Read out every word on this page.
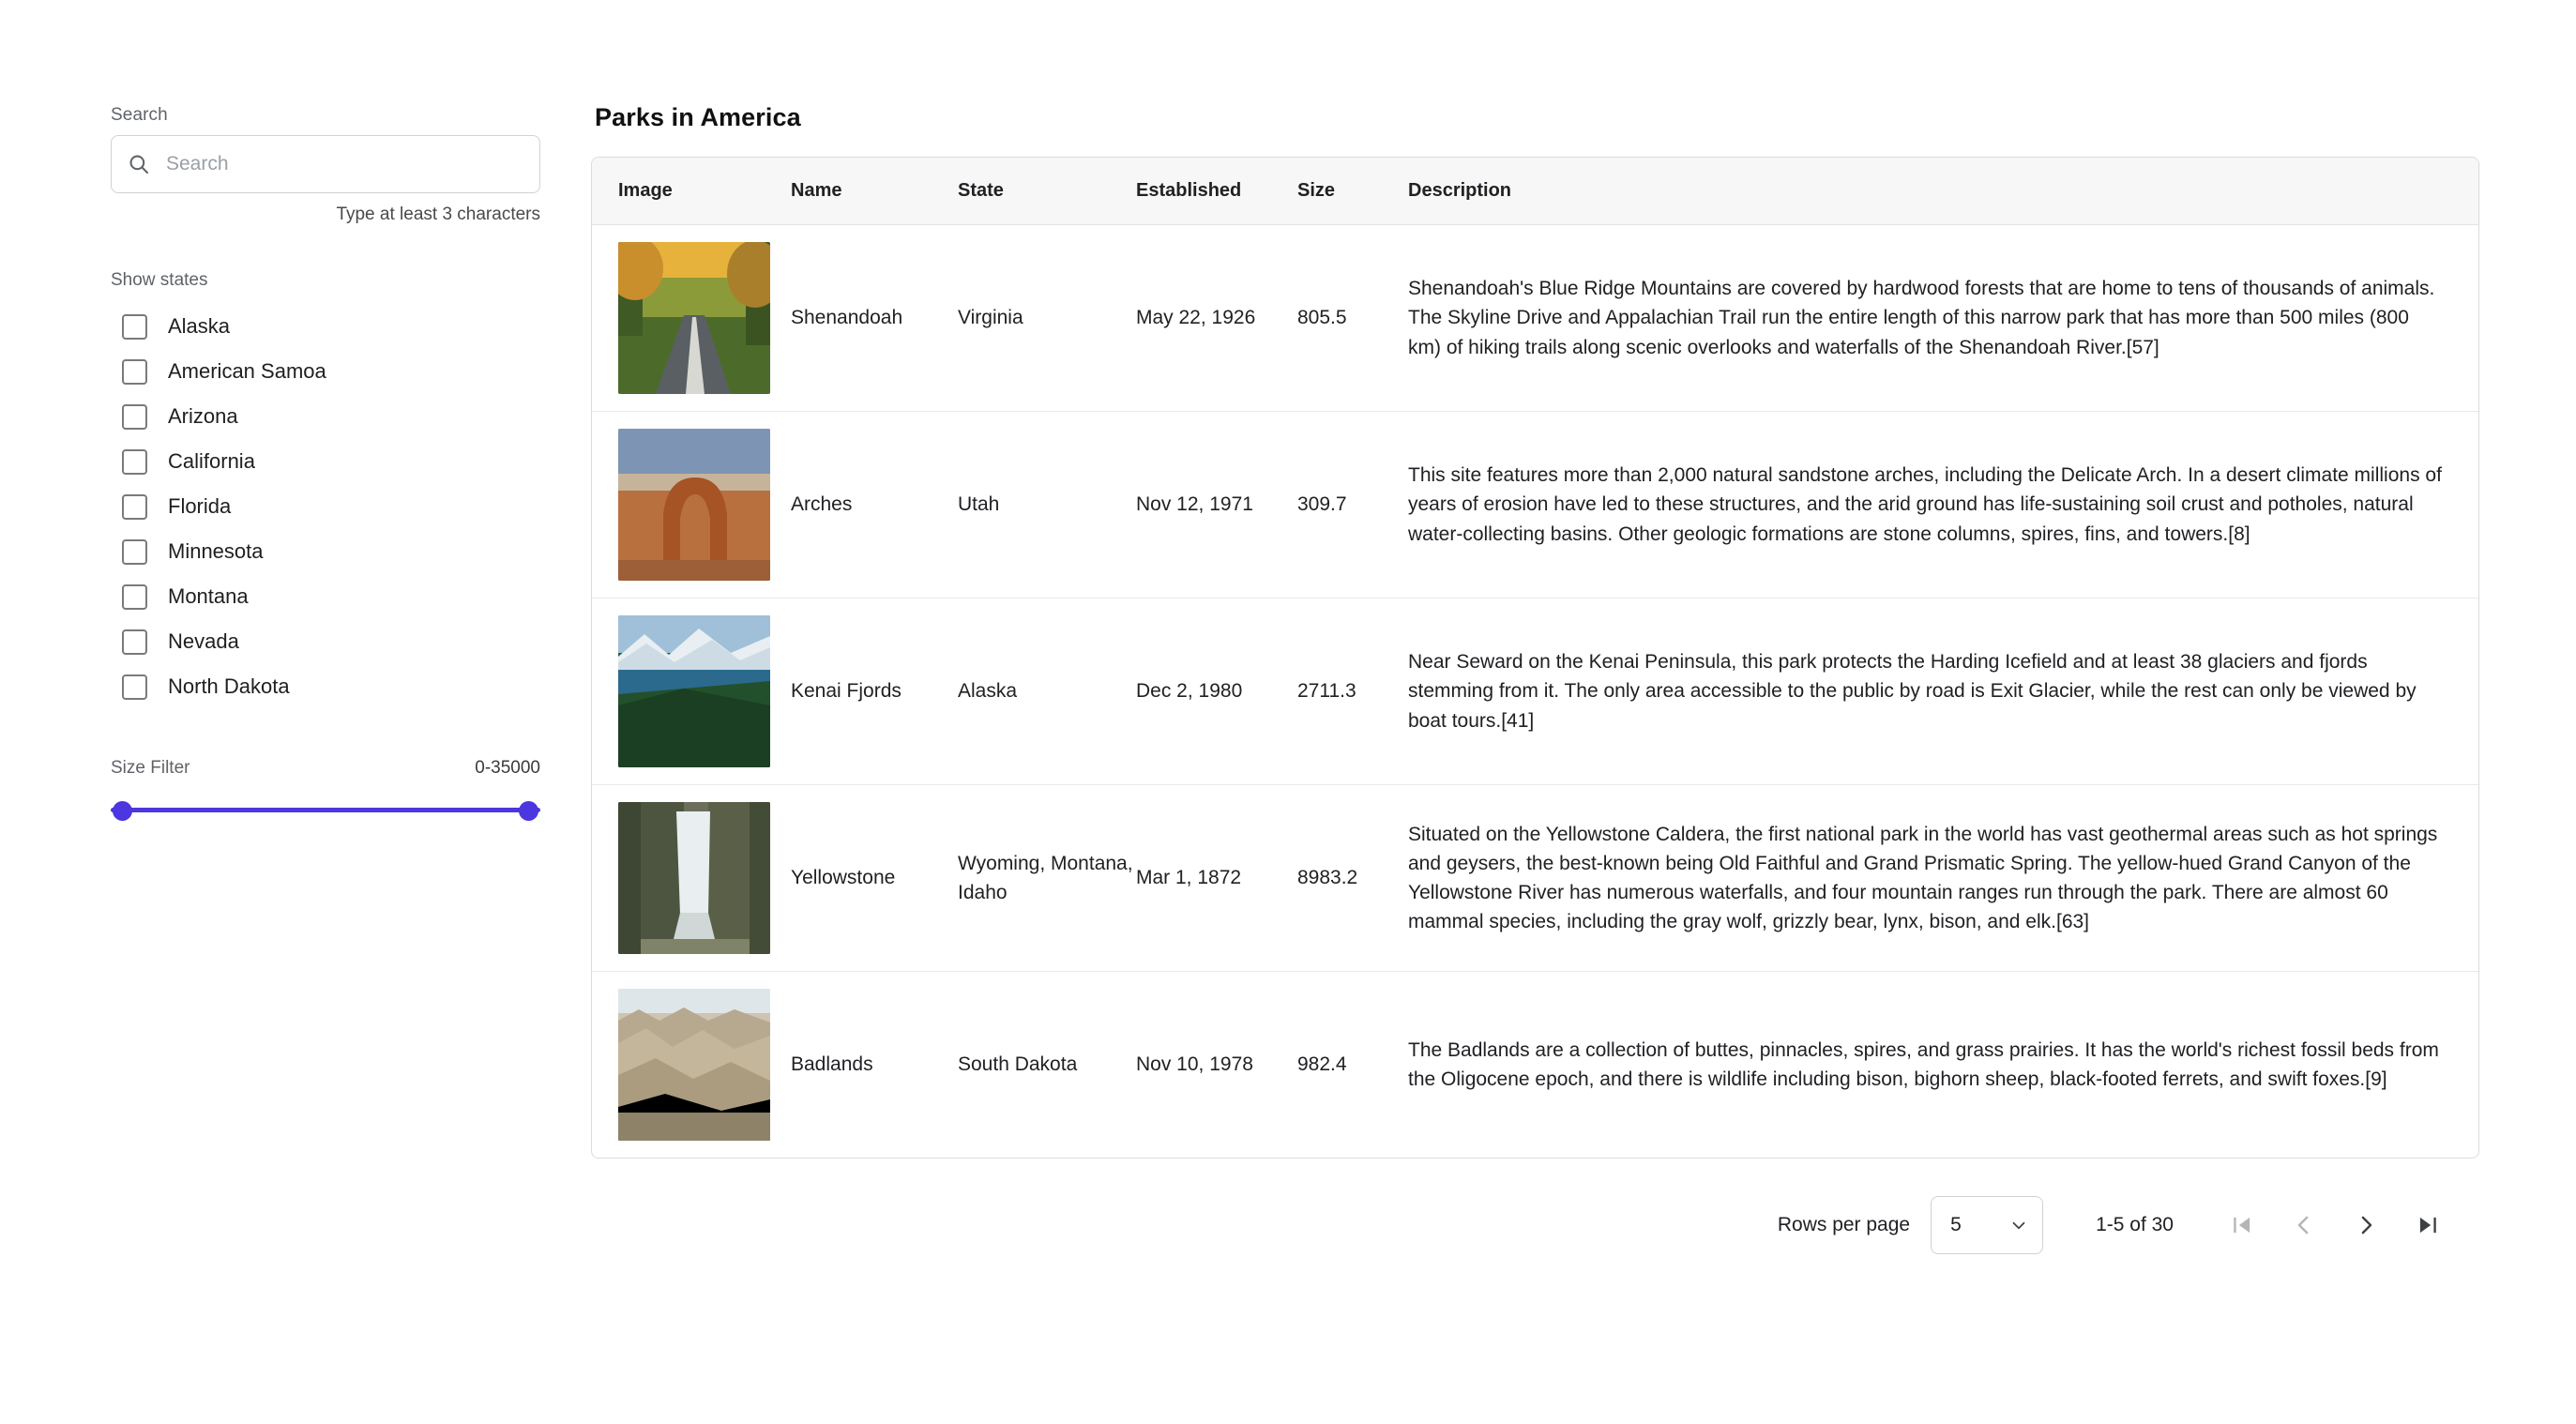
Search
Search
Type at least 3 characters
Show states
Alaska
American Samoa
Arizona
California
Florida
Minnesota
Montana
Nevada
North Dakota
Size Filter	0-35000
Parks in America
Image	Name	State	Established	Size	Description

	Shenandoah	Virginia	May 22, 1926	805.5	Shenandoah's Blue Ridge Mountains are covered by hardwood forests that are home to tens of thousands of animals. The Skyline Drive and Appalachian Trail run the entire length of this narrow park that has more than 500 miles (800 km) of hiking trails along scenic overlooks and waterfalls of the Shenandoah River.[57]

	Arches	Utah	Nov 12, 1971	309.7	This site features more than 2,000 natural sandstone arches, including the Delicate Arch. In a desert climate millions of years of erosion have led to these structures, and the arid ground has life-sustaining soil crust and potholes, natural water-collecting basins. Other geologic formations are stone columns, spires, fins, and towers.[8]

	Kenai Fjords	Alaska	Dec 2, 1980	2711.3	Near Seward on the Kenai Peninsula, this park protects the Harding Icefield and at least 38 glaciers and fjords stemming from it. The only area accessible to the public by road is Exit Glacier, while the rest can only be viewed by boat tours.[41]

	Yellowstone	Wyoming, Montana, Idaho	Mar 1, 1872	8983.2	Situated on the Yellowstone Caldera, the first national park in the world has vast geothermal areas such as hot springs and geysers, the best-known being Old Faithful and Grand Prismatic Spring. The yellow-hued Grand Canyon of the Yellowstone River has numerous waterfalls, and four mountain ranges run through the park. There are almost 60 mammal species, including the gray wolf, grizzly bear, lynx, bison, and elk.[63]

	Badlands	South Dakota	Nov 10, 1978	982.4	The Badlands are a collection of buttes, pinnacles, spires, and grass prairies. It has the world's richest fossil beds from the Oligocene epoch, and there is wildlife including bison, bighorn sheep, black-footed ferrets, and swift foxes.[9]
Rows per page 5	1-5 of 30
